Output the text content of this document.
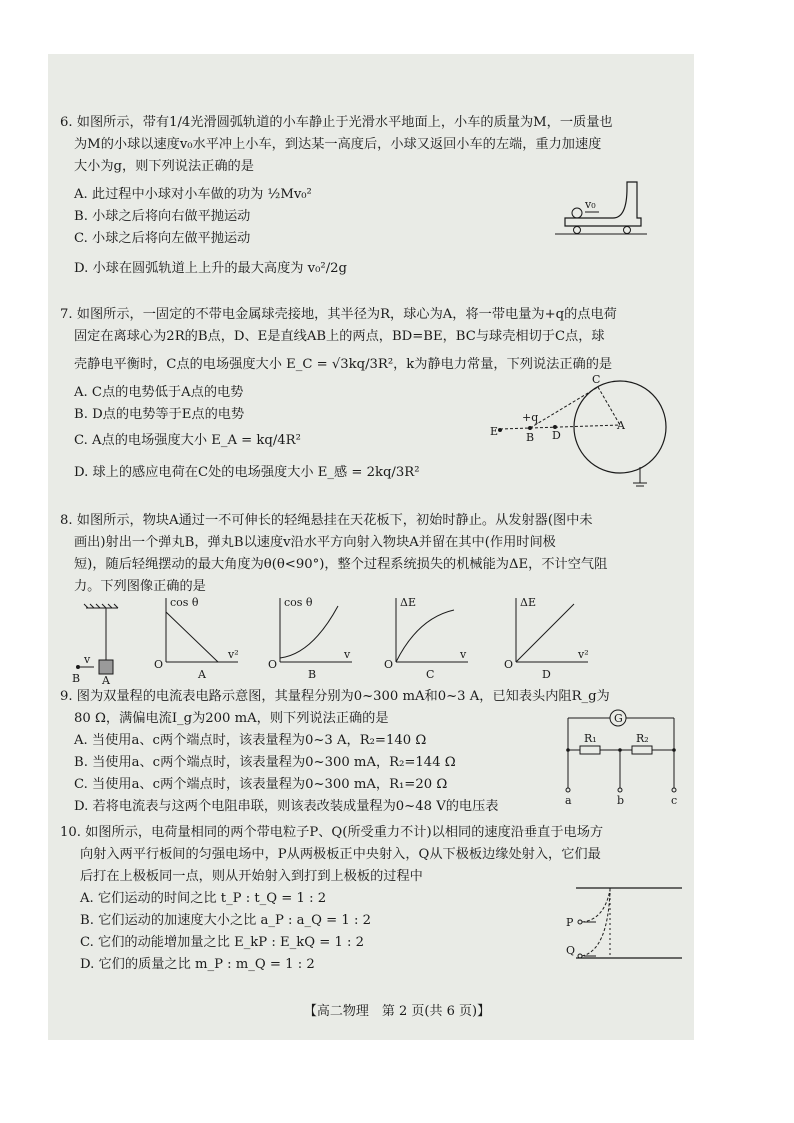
6. 如图所示，带有1/4光滑圆弧轨道的小车静止于光滑水平地面上，小车的质量为M，一质量也
为M的小球以速度v₀水平冲上小车，到达某一高度后，小球又返回小车的左端，重力加速度
大小为g，则下列说法正确的是
A. 此过程中小球对小车做的功为 ½Mv₀²
B. 小球之后将向右做平抛运动
C. 小球之后将向左做平抛运动
D. 小球在圆弧轨道上上升的最大高度为 v₀²/2g
v₀
7. 如图所示，一固定的不带电金属球壳接地，其半径为R，球心为A，将一带电量为+q的点电荷
固定在离球心为2R的B点，D、E是直线AB上的两点，BD=BE，BC与球壳相切于C点，球
壳静电平衡时，C点的电场强度大小 E_C = √3kq/3R²，k为静电力常量，下列说法正确的是
A. C点的电势低于A点的电势
B. D点的电势等于E点的电势
C. A点的电场强度大小 E_A = kq/4R²
D. 球上的感应电荷在C处的电场强度大小 E_感 = 2kq/3R²
C
+q
E	B D
A
8. 如图所示，物块A通过一不可伸长的轻绳悬挂在天花板下，初始时静止。从发射器(图中未
画出)射出一个弹丸B，弹丸B以速度v沿水平方向射入物块A并留在其中(作用时间极
短)，随后轻绳摆动的最大角度为θ(θ<90°)，整个过程系统损失的机械能为ΔE，不计空气阻
力。下列图像正确的是
v
B A
cos θ
v²
O
A
cos θ
v
O
B
ΔE
v
O
C
ΔE
v²
O
D
9. 图为双量程的电流表电路示意图，其量程分别为0~300 mA和0~3 A，已知表头内阻R_g为
80 Ω，满偏电流I_g为200 mA，则下列说法正确的是
A. 当使用a、c两个端点时，该表量程为0~3 A，R₂=140 Ω
B. 当使用a、c两个端点时，该表量程为0~300 mA，R₂=144 Ω
C. 当使用a、c两个端点时，该表量程为0~300 mA，R₁=20 Ω
D. 若将电流表与这两个电阻串联，则该表改装成量程为0~48 V的电压表
G
R₁	R₂
a	b	c
10. 如图所示，电荷量相同的两个带电粒子P、Q(所受重力不计)以相同的速度沿垂直于电场方
向射入两平行板间的匀强电场中，P从两极板正中央射入，Q从下极板边缘处射入，它们最
后打在上极板同一点，则从开始射入到打到上极板的过程中
A. 它们运动的时间之比 t_P : t_Q = 1 : 2
B. 它们运动的加速度大小之比 a_P : a_Q = 1 : 2
C. 它们的动能增加量之比 E_kP : E_kQ = 1 : 2
D. 它们的质量之比 m_P : m_Q = 1 : 2
P
Q
【高二物理　第 2 页(共 6 页)】
